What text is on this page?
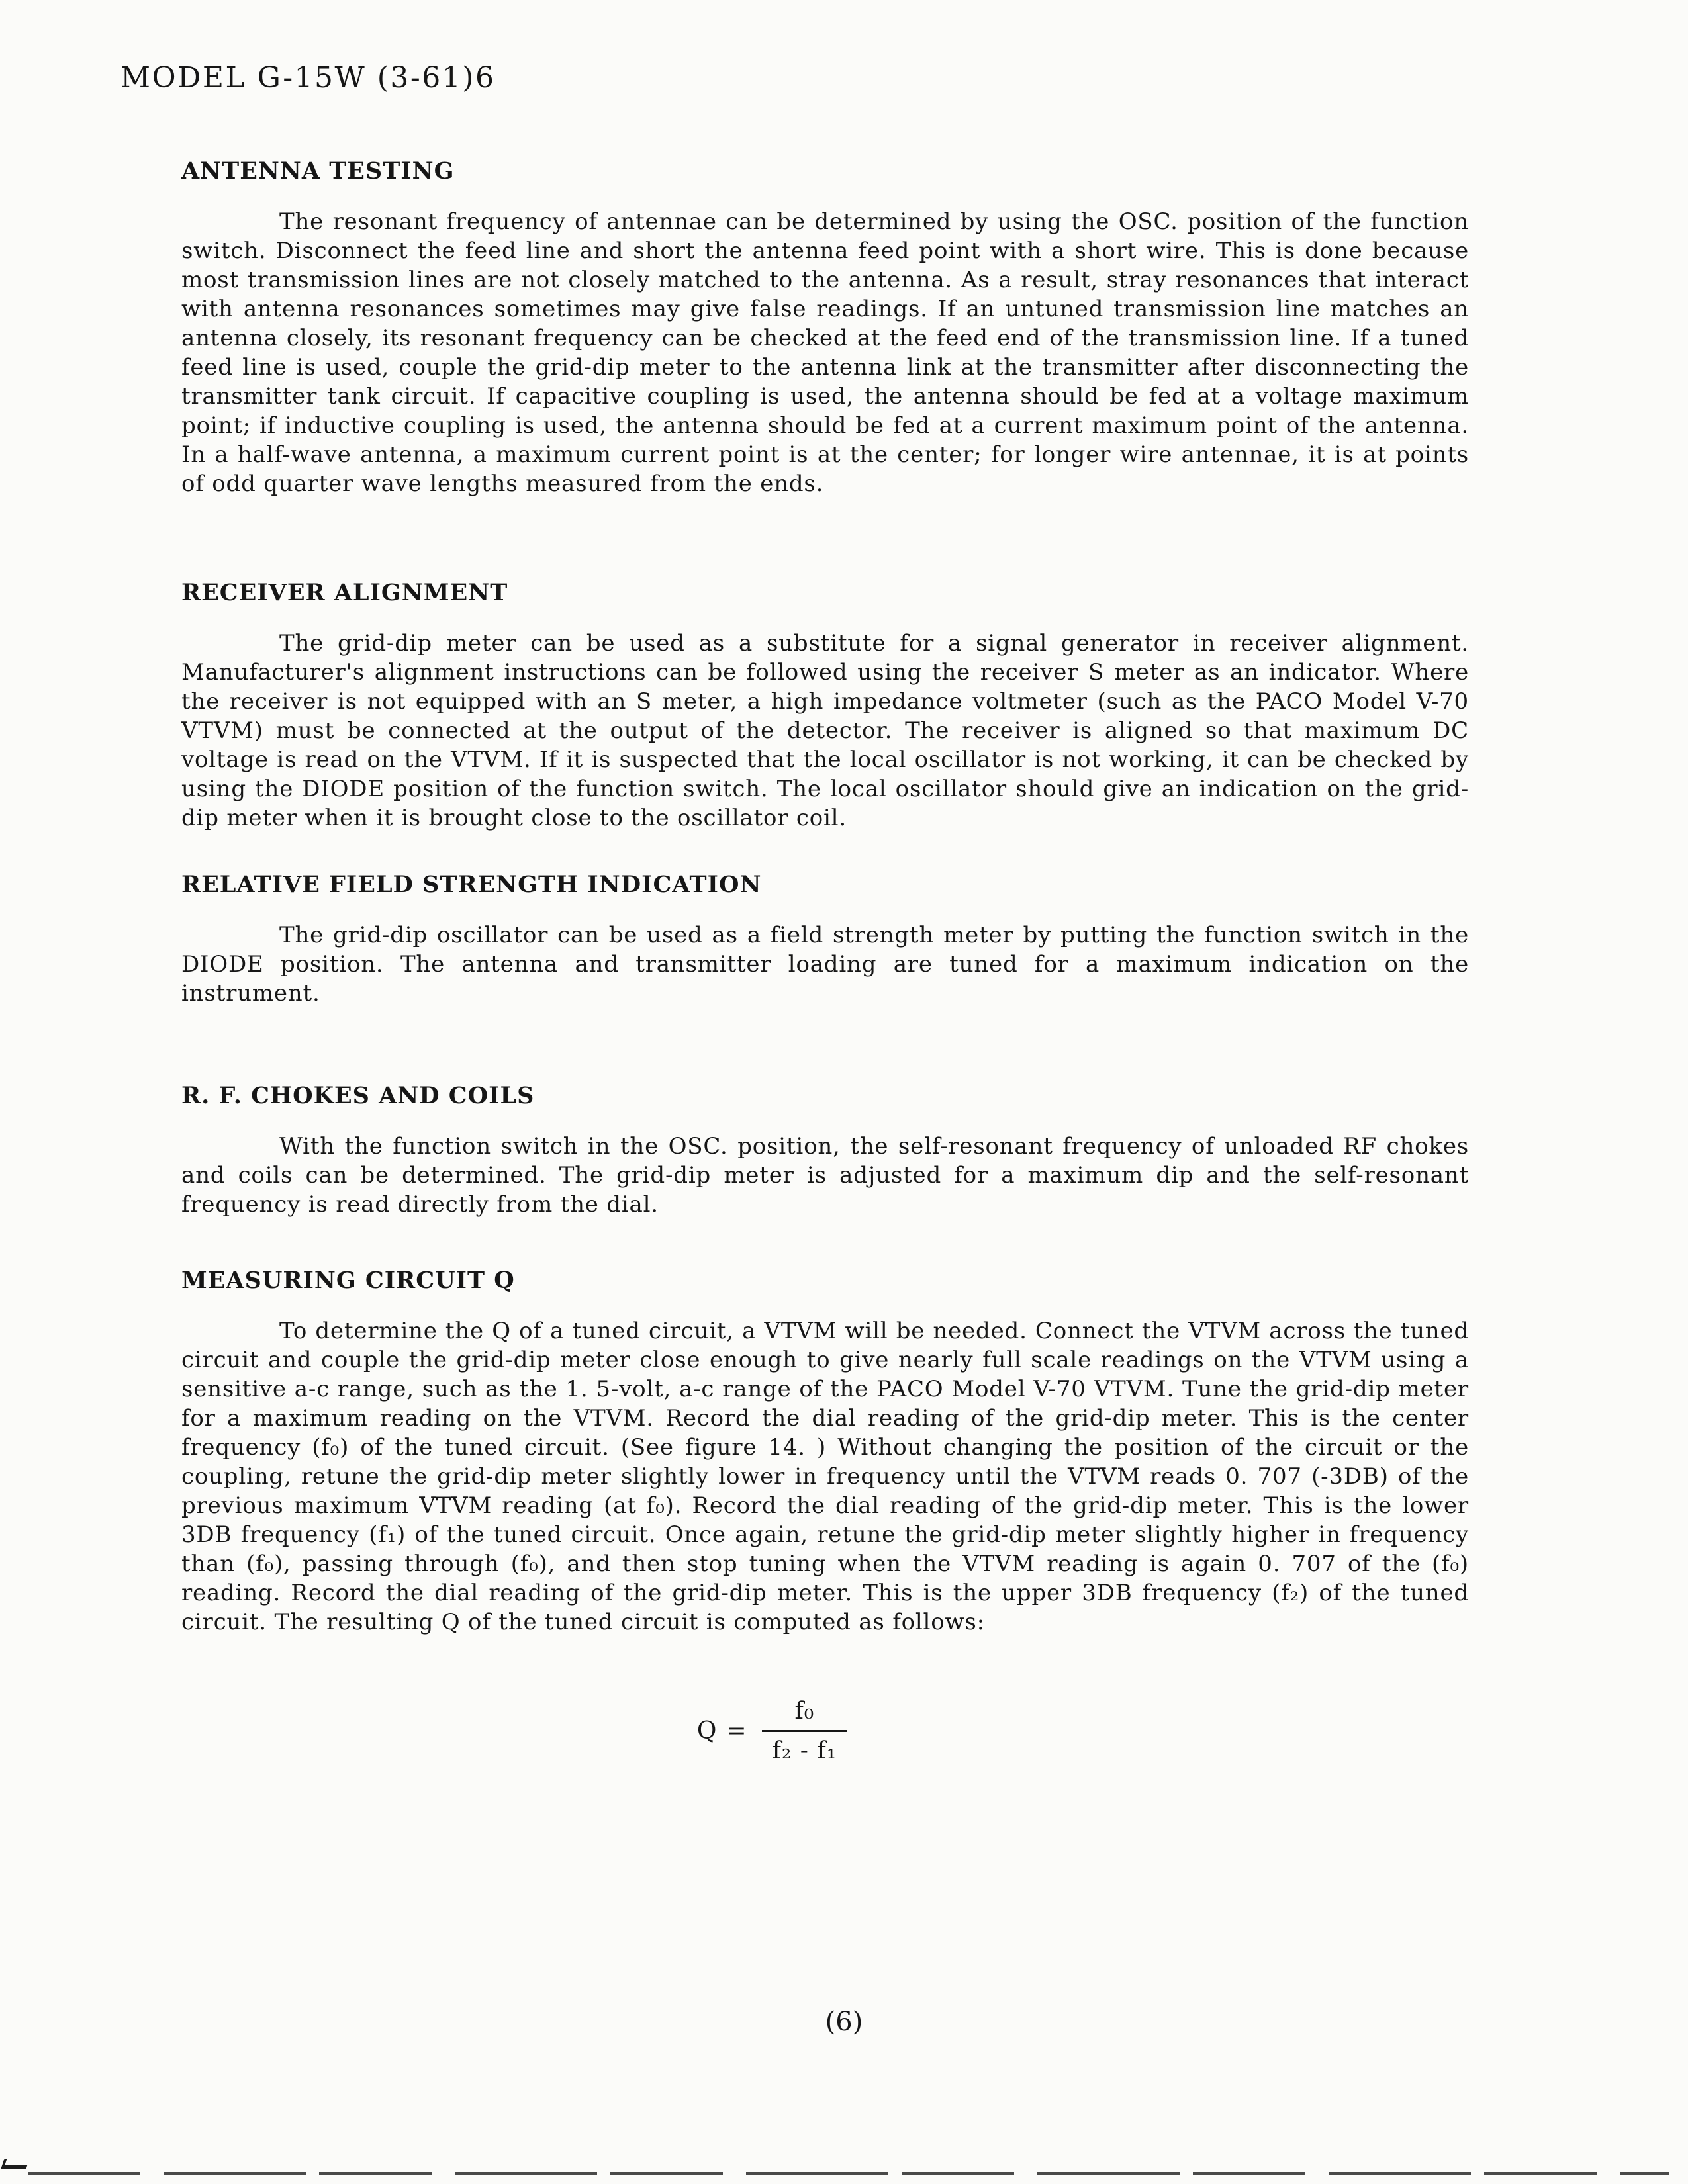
MODEL G-15W (3-61)6
ANTENNA TESTING

The resonant frequency of antennae can be determined by using the OSC. position of the function switch. Disconnect the feed line and short the antenna feed point with a short wire. This is done because most transmission lines are not closely matched to the antenna. As a result, stray resonances that interact with antenna resonances sometimes may give false readings. If an untuned transmission line matches an antenna closely, its resonant frequency can be checked at the feed end of the transmission line. If a tuned feed line is used, couple the grid-dip meter to the antenna link at the transmitter after disconnecting the transmitter tank circuit. If capacitive coupling is used, the antenna should be fed at a voltage maximum point; if inductive coupling is used, the antenna should be fed at a current maximum point of the antenna. In a half-wave antenna, a maximum current point is at the center; for longer wire antennae, it is at points of odd quarter wave lengths measured from the ends.

RECEIVER ALIGNMENT

The grid-dip meter can be used as a substitute for a signal generator in receiver alignment. Manufacturer's alignment instructions can be followed using the receiver S meter as an indicator. Where the receiver is not equipped with an S meter, a high impedance voltmeter (such as the PACO Model V-70 VTVM) must be connected at the output of the detector. The receiver is aligned so that maximum DC voltage is read on the VTVM. If it is suspected that the local oscillator is not working, it can be checked by using the DIODE position of the function switch. The local oscillator should give an indication on the grid-dip meter when it is brought close to the oscillator coil.

RELATIVE FIELD STRENGTH INDICATION

The grid-dip oscillator can be used as a field strength meter by putting the function switch in the DIODE position. The antenna and transmitter loading are tuned for a maximum indication on the instrument.

R. F. CHOKES AND COILS

With the function switch in the OSC. position, the self-resonant frequency of unloaded RF chokes and coils can be determined. The grid-dip meter is adjusted for a maximum dip and the self-resonant frequency is read directly from the dial.

MEASURING CIRCUIT Q

To determine the Q of a tuned circuit, a VTVM will be needed. Connect the VTVM across the tuned circuit and couple the grid-dip meter close enough to give nearly full scale readings on the VTVM using a sensitive a-c range, such as the 1. 5-volt, a-c range of the PACO Model V-70 VTVM. Tune the grid-dip meter for a maximum reading on the VTVM. Record the dial reading of the grid-dip meter. This is the center frequency (f₀) of the tuned circuit. (See figure 14. ) Without changing the position of the circuit or the coupling, retune the grid-dip meter slightly lower in frequency until the VTVM reads 0. 707 (-3DB) of the previous maximum VTVM reading (at f₀). Record the dial reading of the grid-dip meter. This is the lower 3DB frequency (f₁) of the tuned circuit. Once again, retune the grid-dip meter slightly higher in frequency than (f₀), passing through (f₀), and then stop tuning when the VTVM reading is again 0. 707 of the (f₀) reading. Record the dial reading of the grid-dip meter. This is the upper 3DB frequency (f₂) of the tuned circuit. The resulting Q of the tuned circuit is computed as follows:

$Q = \frac{\text{f₀}}{\text{f₂ - f₁}}$
(6)
